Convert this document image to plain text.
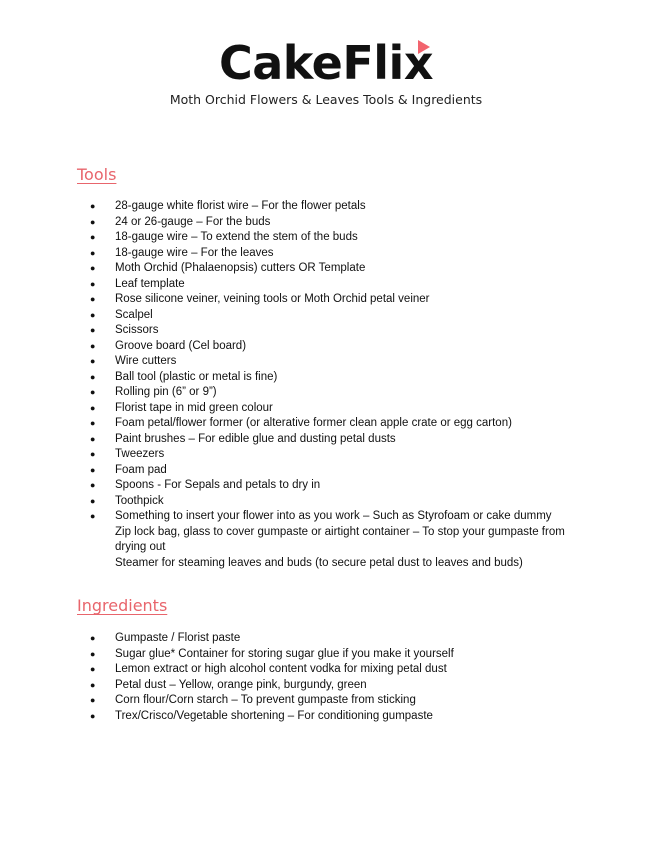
CakeFlix
Moth Orchid Flowers & Leaves Tools & Ingredients
Tools
● 28-gauge white florist wire – For the flower petals
● 24 or 26-gauge – For the buds
● 18-gauge wire – To extend the stem of the buds
● 18-gauge wire – For the leaves
● Moth Orchid (Phalaenopsis) cutters OR Template
● Leaf template
● Rose silicone veiner, veining tools or Moth Orchid petal veiner
● Scalpel
● Scissors
● Groove board (Cel board)
● Wire cutters
● Ball tool (plastic or metal is fine)
● Rolling pin (6” or 9”)
● Florist tape in mid green colour
● Foam petal/flower former (or alterative former clean apple crate or egg carton)
● Paint brushes – For edible glue and dusting petal dusts
● Tweezers
● Foam pad
● Spoons - For Sepals and petals to dry in
● Toothpick
● Something to insert your flower into as you work – Such as Styrofoam or cake dummy
Zip lock bag, glass to cover gumpaste or airtight container – To stop your gumpaste from drying out
Steamer for steaming leaves and buds (to secure petal dust to leaves and buds)
Ingredients
● Gumpaste / Florist paste
● Sugar glue* Container for storing sugar glue if you make it yourself
● Lemon extract or high alcohol content vodka for mixing petal dust
● Petal dust – Yellow, orange pink, burgundy, green
● Corn flour/Corn starch – To prevent gumpaste from sticking
● Trex/Crisco/Vegetable shortening – For conditioning gumpaste
